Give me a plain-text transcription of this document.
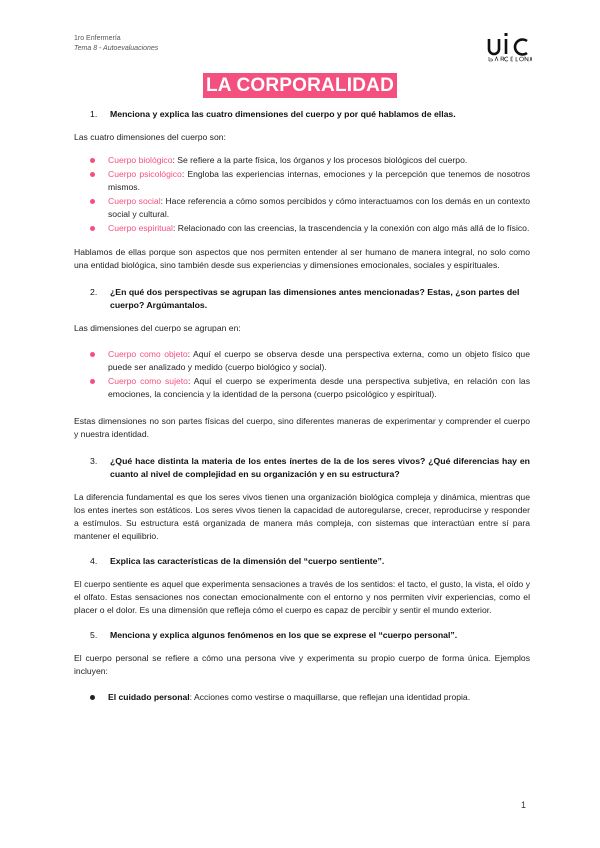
1ro Enfermería
Tema 8 - Autoevaluaciones
LA CORPORALIDAD
1.	Menciona y explica las cuatro dimensiones del cuerpo y por qué hablamos de ellas.

Las cuatro dimensiones del cuerpo son:

Cuerpo biológico: Se refiere a la parte física, los órganos y los procesos biológicos del cuerpo.
Cuerpo psicológico: Engloba las experiencias internas, emociones y la percepción que tenemos de nosotros mismos.
Cuerpo social: Hace referencia a cómo somos percibidos y cómo interactuamos con los demás en un contexto social y cultural.
Cuerpo espiritual: Relacionado con las creencias, la trascendencia y la conexión con algo más allá de lo físico.

Hablamos de ellas porque son aspectos que nos permiten entender al ser humano de manera integral, no solo como una entidad biológica, sino también desde sus experiencias y dimensiones emocionales, sociales y espirituales.

2.	¿En qué dos perspectivas se agrupan las dimensiones antes mencionadas? Estas, ¿son partes del cuerpo? Argúmantalos.

Las dimensiones del cuerpo se agrupan en:

Cuerpo como objeto: Aquí el cuerpo se observa desde una perspectiva externa, como un objeto físico que puede ser analizado y medido (cuerpo biológico y social).
Cuerpo como sujeto: Aquí el cuerpo se experimenta desde una perspectiva subjetiva, en relación con las emociones, la conciencia y la identidad de la persona (cuerpo psicológico y espiritual).

Estas dimensiones no son partes físicas del cuerpo, sino diferentes maneras de experimentar y comprender el cuerpo y nuestra identidad.

3.	¿Qué hace distinta la materia de los entes ínertes de la de los seres vivos? ¿Qué diferencias hay en cuanto al nivel de complejidad en su organización y en su estructura?

La diferencia fundamental es que los seres vivos tienen una organización biológica compleja y dinámica, mientras que los entes inertes son estáticos. Los seres vivos tienen la capacidad de autoregularse, crecer, reproducirse y responder a estímulos. Su estructura está organizada de manera más compleja, con sistemas que interactúan entre sí para mantener el equilibrio.

4.	Explica las características de la dimensión del “cuerpo sentiente”.

El cuerpo sentiente es aquel que experimenta sensaciones a través de los sentidos: el tacto, el gusto, la vista, el oído y el olfato. Estas sensaciones nos conectan emocionalmente con el entorno y nos permiten vivir experiencias, como el placer o el dolor. Es una dimensión que refleja cómo el cuerpo es capaz de percibir y sentir el mundo exterior.

5.	Menciona y explica algunos fenómenos en los que se exprese el “cuerpo personal”.

El cuerpo personal se refiere a cómo una persona vive y experimenta su propio cuerpo de forma única. Ejemplos incluyen:

El cuidado personal: Acciones como vestirse o maquillarse, que reflejan una identidad propia.
1
